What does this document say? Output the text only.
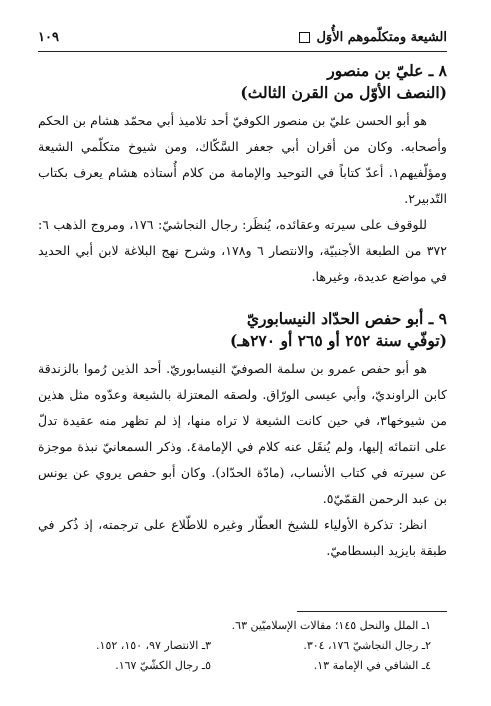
الشيعة ومتكلّموهم الأُوَل
١٠٩
٨ ـ عليّ بن منصور
(النصف الأوّل من القرن الثالث)

هو أبو الحسن عليّ بن منصور الكوفيّ أحد تلاميذ أبي محمّد هشام بن الحكم وأصحابه. وكان من أقران أبي جعفر السَّكّاك، ومن شيوخ متكلّمي الشيعة ومؤلّفيهم١. أعدّ كتاباً في التوحيد والإمامة من كلام أُستاذه هشام يعرف بكتاب التّدبير٢.

للوقوف على سيرته وعقائده، يُنظَر: رجال النجاشيّ: ١٧٦، ومروج الذهب ٦: ٣٧٢ من الطبعة الأجنبيّة، والانتصار ٦ و١٧٨، وشرح نهج البلاغة لابن أبي الحديد في مواضع عديدة، وغيرها.

٩ ـ أبو حفص الحدّاد النيسابوريّ
(توفّي سنة ٢٥٢ أو ٢٦٥ أو ٢٧٠هـ)

هو أبو حفص عمرو بن سلمة الصوفيّ النيسابوريّ. أحد الذين رُموا بالزندقة كابن الراونديّ، وأبي عيسى الورّاق. ولصقه المعتزلة بالشيعة وعدّوه مثل هذين من شيوخها٣، في حين كانت الشيعة لا تراه منها، إذ لم تظهر منه عقيدة تدلّ على انتمائه إليها، ولم يُنقَل عنه كلام في الإمامة٤. وذكر السمعانيّ نبذة موجزة عن سيرته في كتاب الأنساب، (مادّة الحدّاد). وكان أبو حفص يروي عن يونس بن عبد الرحمن القمّيّ٥.

انظر: تذكرة الأولياء للشيخ العطّار وغيره للاطّلاع على ترجمته، إذ ذُكر في طبقة بايزيد البسطاميّ.

١ـ الملل والنحل ١٤٥؛ مقالات الإسلاميّين ٦٣.
٢ـ رجال النجاشيّ ١٧٦، ٣٠٤.
٣ـ الانتصار ٩٧، ١٥٠، ١٥٢.
٤ـ الشافي في الإمامة ١٣.
٥ـ رجال الكشّيّ ١٦٧.
